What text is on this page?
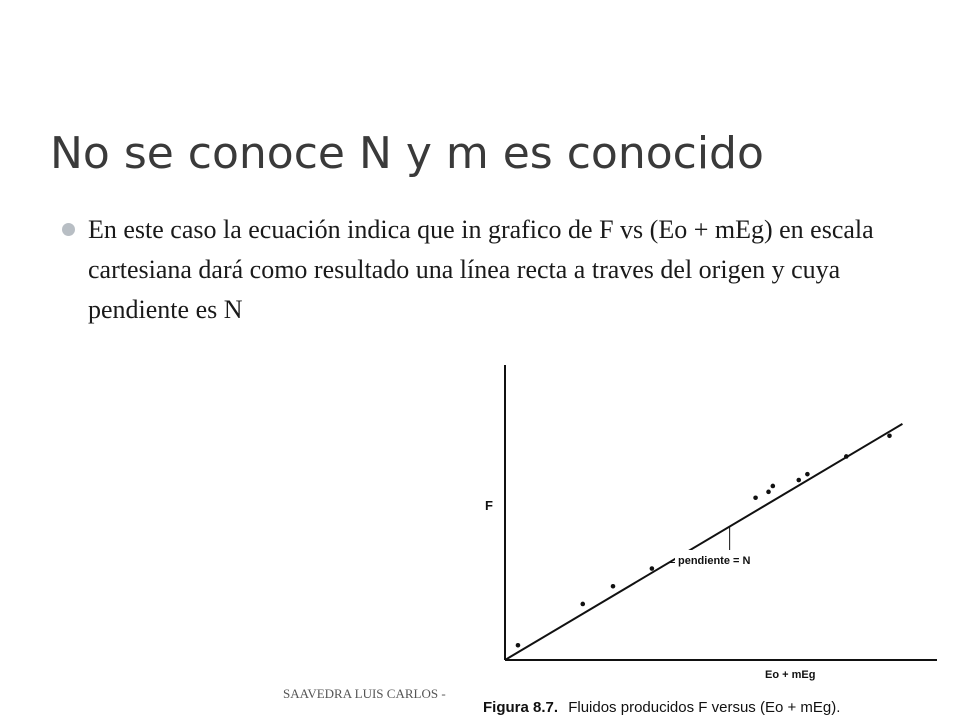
No se conoce N y m es conocido
En este caso la ecuación indica que in grafico de F vs (Eo + mEg) en escala cartesiana dará como resultado una línea recta a traves del origen y cuya pendiente es N
F
Eo + mEg
pendiente = N
Figura 8.7. Fluidos producidos F versus (Eo + mEg).
SAAVEDRA LUIS CARLOS -
